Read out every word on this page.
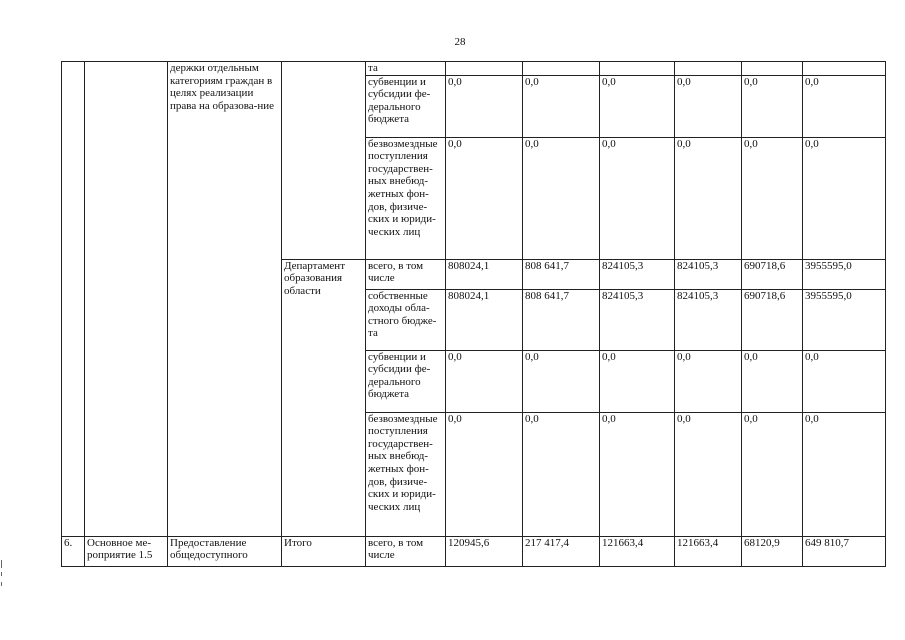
28
		держки отдельным категориям граждан в целях реализации права на образова-ние		та						
				субвенции и субсидии фе-дерального бюджета	0,0	0,0	0,0	0,0	0,0	0,0
				безвозмездные поступления государствен-ных внебюд-жетных фон-дов, физиче-ских и юриди-ческих лиц	0,0	0,0	0,0	0,0	0,0	0,0
			Департамент образования области	всего, в том числе	808024,1	808 641,7	824105,3	824105,3	690718,6	3955595,0
				собственные доходы обла-стного бюдже-та	808024,1	808 641,7	824105,3	824105,3	690718,6	3955595,0
				субвенции и субсидии фе-дерального бюджета	0,0	0,0	0,0	0,0	0,0	0,0
				безвозмездные поступления государствен-ных внебюд-жетных фон-дов, физиче-ских и юриди-ческих лиц	0,0	0,0	0,0	0,0	0,0	0,0
6.	Основное ме-роприятие 1.5	Предоставление общедоступного	Итого	всего, в том числе	120945,6	217 417,4	121663,4	121663,4	68120,9	649 810,7
